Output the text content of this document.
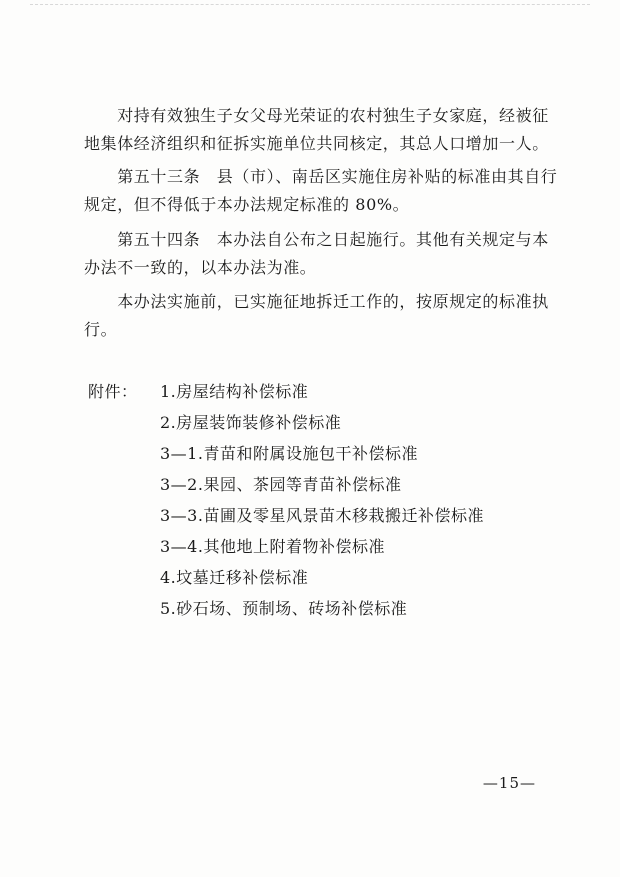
　　对持有效独生子女父母光荣证的农村独生子女家庭，经被征
地集体经济组织和征拆实施单位共同核定，其总人口增加一人。

　　第五十三条　县（市）、南岳区实施住房补贴的标准由其自行
规定，但不得低于本办法规定标准的 80%。

　　第五十四条　本办法自公布之日起施行。其他有关规定与本
办法不一致的，以本办法为准。

　　本办法实施前，已实施征地拆迁工作的，按原规定的标准执
行。

附件：	1.房屋结构补偿标准
2.房屋装饰装修补偿标准
3—1.青苗和附属设施包干补偿标准
3—2.果园、茶园等青苗补偿标准
3—3.苗圃及零星风景苗木移栽搬迁补偿标准
3—4.其他地上附着物补偿标准
4.坟墓迁移补偿标准
5.砂石场、预制场、砖场补偿标准
—15—
